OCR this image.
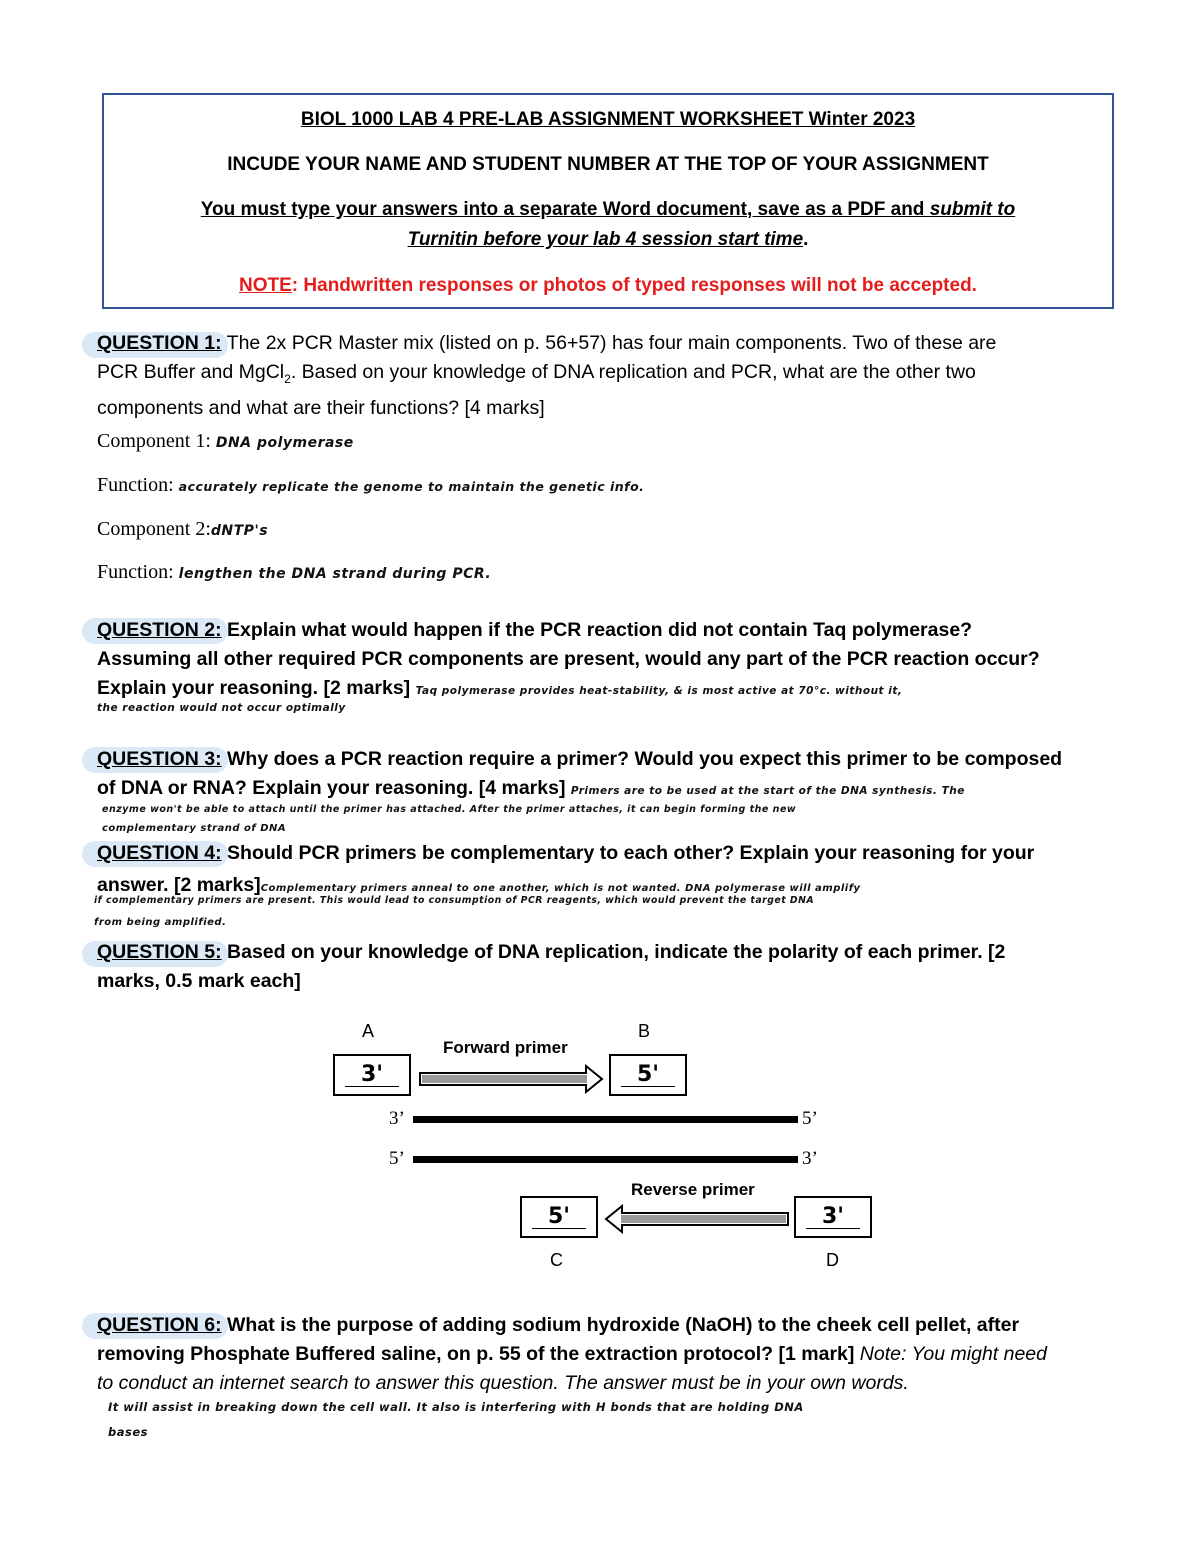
BIOL 1000 LAB 4 PRE-LAB ASSIGNMENT WORKSHEET Winter 2023
INCUDE YOUR NAME AND STUDENT NUMBER AT THE TOP OF YOUR ASSIGNMENT
You must type your answers into a separate Word document, save as a PDF and submit to
Turnitin before your lab 4 session start time.
NOTE: Handwritten responses or photos of typed responses will not be accepted.
QUESTION 1: The 2x PCR Master mix (listed on p. 56+57) has four main components. Two of these are
PCR Buffer and MgCl$_2$. Based on your knowledge of DNA replication and PCR, what are the other two
components and what are their functions? [4 marks]
Component 1: DNA polymerase
Function: accurately replicate the genome to maintain the genetic info.
Component 2:dNTP's
Function: lengthen the DNA strand during PCR.
QUESTION 2: Explain what would happen if the PCR reaction did not contain Taq polymerase?
Assuming all other required PCR components are present, would any part of the PCR reaction occur?
Explain your reasoning. [2 marks] Taq polymerase provides heat-stability, & is most active at 70°c. without it,
the reaction would not occur optimally
QUESTION 3: Why does a PCR reaction require a primer? Would you expect this primer to be composed
of DNA or RNA? Explain your reasoning. [4 marks] Primers are to be used at the start of the DNA synthesis. The
enzyme won't be able to attach until the primer has attached. After the primer attaches, it can begin forming the new
complementary strand of DNA
QUESTION 4: Should PCR primers be complementary to each other? Explain your reasoning for your
answer. [2 marks]Complementary primers anneal to one another, which is not wanted. DNA polymerase will amplify
if complementary primers are present. This would lead to consumption of PCR reagents, which would prevent the target DNA
from being amplified.
QUESTION 5: Based on your knowledge of DNA replication, indicate the polarity of each primer. [2
marks, 0.5 mark each]
A	B
Forward primer
3'	5'
3’	5’
5’	3’
Reverse primer
5'	3'
C	D
QUESTION 6: What is the purpose of adding sodium hydroxide (NaOH) to the cheek cell pellet, after
removing Phosphate Buffered saline, on p. 55 of the extraction protocol? [1 mark] Note: You might need
to conduct an internet search to answer this question. The answer must be in your own words.
It will assist in breaking down the cell wall. It also is interfering with H bonds that are holding DNA
bases
